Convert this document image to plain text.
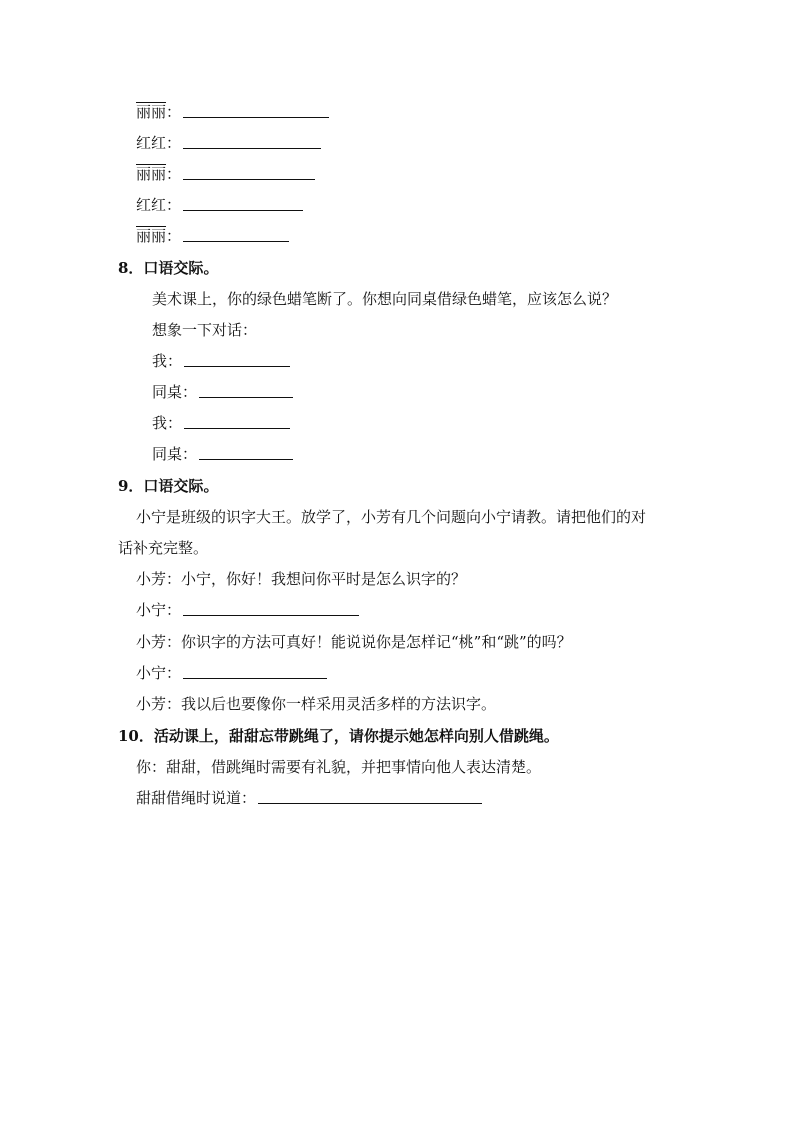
丽丽 ：
红红 ：
丽丽 ：
红红 ：
丽丽 ：
8．口语交际。
美术课上，你的绿色蜡笔断了。你想向同桌借绿色蜡笔，应该怎么说？
想象一下对话：
我 ：
同桌 ：
我 ：
同桌 ：
9．口语交际。
小宁是班级的识字大王。放学了，小芳有几个问题向小宁请教。请把他们的对
话补充完整。
小芳：小宁，你好！我想问你平时是怎么识字的？
小宁：
小芳：你识字的方法可真好！能说说你是怎样记“桃”和“跳”的吗？
小宁：
小芳：我以后也要像你一样采用灵活多样的方法识字。
10．活动课上，甜甜忘带跳绳了，请你提示她怎样向别人借跳绳。
你：甜甜，借跳绳时需要有礼貌，并把事情向他人表达清楚。
甜甜借绳时说道：
